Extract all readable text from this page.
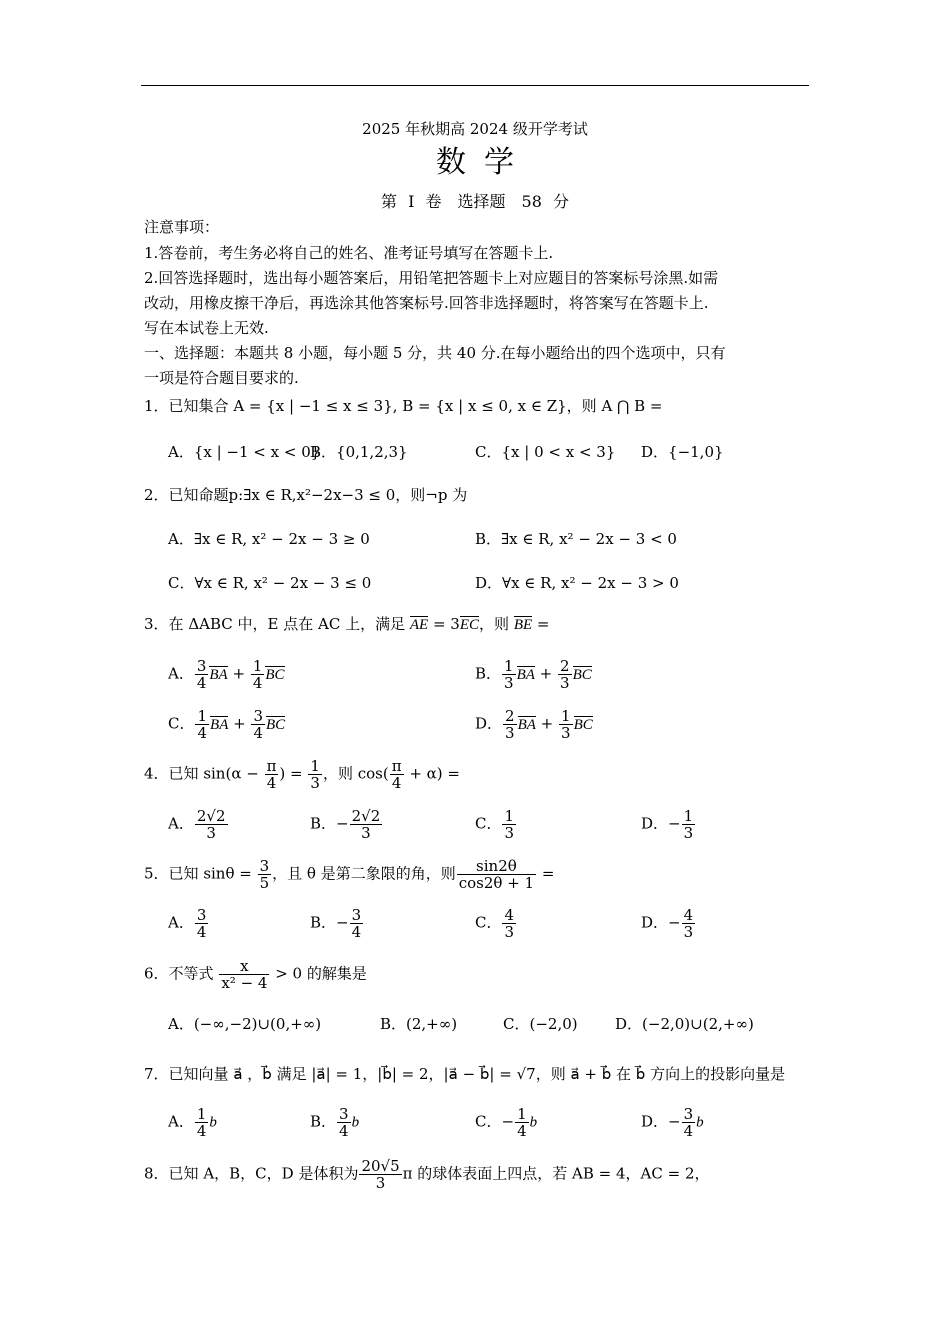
2025 年秋期高 2024 级开学考试
数学
第 I 卷　选择题　58 分
注意事项：
1.答卷前，考生务必将自己的姓名、准考证号填写在答题卡上.
2.回答选择题时，选出每小题答案后，用铅笔把答题卡上对应题目的答案标号涂黑.如需
改动，用橡皮擦干净后，再选涂其他答案标号.回答非选择题时，将答案写在答题卡上.
写在本试卷上无效.
一、选择题：本题共 8 小题，每小题 5 分，共 40 分.在每小题给出的四个选项中，只有
一项是符合题目要求的.
1．已知集合 A = {x | −1 ≤ x ≤ 3}, B = {x | x ≤ 0, x ∈ Z}，则 A ⋂ B =
A．{x | −1 < x < 0}
B．{0,1,2,3}	C．{x | 0 < x < 3} D．{−1,0}
2．已知命题p:∃x ∈ R,x²−2x−3 ≤ 0，则¬p 为
A．∃x ∈ R, x² − 2x − 3 ≥ 0	B．∃x ∈ R, x² − 2x − 3 < 0
C．∀x ∈ R, x² − 2x − 3 ≤ 0	D．∀x ∈ R, x² − 2x − 3 > 0
3．在 ΔABC 中，E 点在 AC 上，满足 AE = 3EC，则 BE =
A． $\frac{3}{4}$ BA + $\frac{1}{4}$ BC	B． $\frac{1}{3}$ BA + $\frac{2}{3}$ BC
C． $\frac{1}{4}$ BA + $\frac{3}{4}$ BC	D． $\frac{2}{3}$ BA + $\frac{1}{3}$ BC
4．已知 $\sin(\alpha - \frac{\pi}{4}$ ) = $\frac{1}{3}$ ，则 $\cos( \frac{\pi}{4} + \alpha)$ =
A． $\frac{2√2}{3}$	B．− $\frac{2√2}{3}$	C． $\frac{1}{3}$	D．− $\frac{1}{3}$
5．已知 $\sin\theta = \frac{3}{5}$ ，且 θ 是第二象限的角，则 $\frac{\sin 2\theta}{\cos 2\theta + 1}$ =
A． $\frac{3}{4}$	B．− $\frac{3}{4}$	C． $\frac{4}{3}$	D．− $\frac{4}{3}$
6．不等式 $\frac{x}{\text{x² − 4}} > 0$ 的解集是
A．(−∞,−2)∪(0,+∞)	B．(2,+∞)	C．(−2,0) D．(−2,0)∪(2,+∞)
7．已知向量 a⃗ ，b⃗ 满足 |a⃗| = 1，|b⃗| = 2，|a⃗ − b⃗| = √7，则 a⃗ + b⃗ 在 b⃗ 方向上的投影向量是
A． $\frac{1}{4}$ b⃗	B． $\frac{3}{4}$ b⃗	C．− $\frac{1}{4}$ b⃗	D．− $\frac{3}{4}$ b⃗
8．已知 A，B，C，D 是体积为 $\frac{20√5}{3}$ π 的球体表面上四点，若 AB = 4，AC = 2，
